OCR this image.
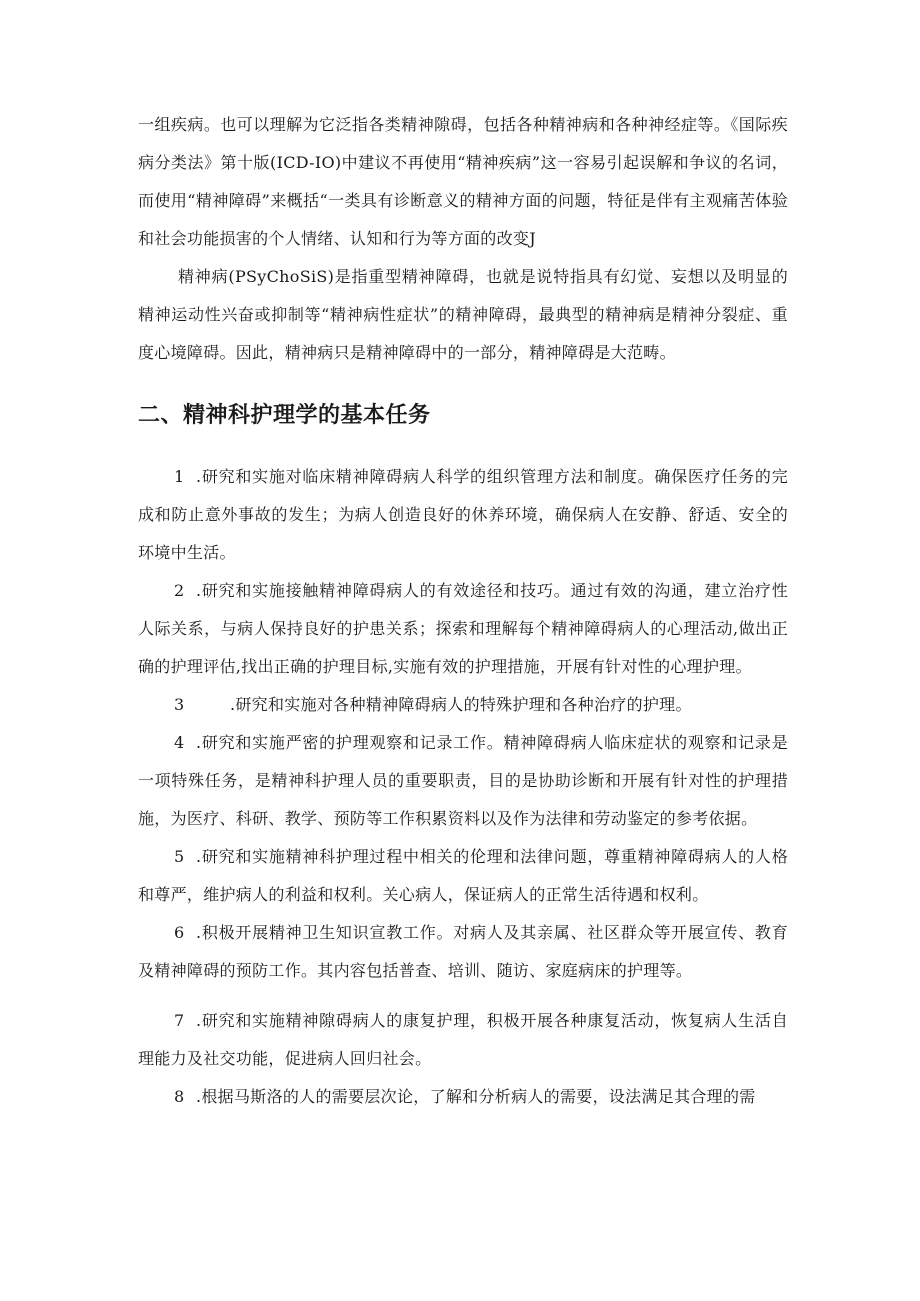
一组疾病。也可以理解为它泛指各类精神隙碍，包括各种精神病和各种神经症等。《国际疾病分类法》第十版(ICD-IO)中建议不再使用“精神疾病”这一容易引起误解和争议的名词，而使用“精神障碍”来概括“一类具有诊断意义的精神方面的问题，特征是伴有主观痛苦体验和社会功能损害的个人情绪、认知和行为等方面的改变J

精神病(PSyChoSiS)是指重型精神障碍，也就是说特指具有幻觉、妄想以及明显的精神运动性兴奋或抑制等“精神病性症状”的精神障碍，最典型的精神病是精神分裂症、重度心境障碍。因此，精神病只是精神障碍中的一部分，精神障碍是大范畴。

二、精神科护理学的基本任务

1 .研究和实施对临床精神障碍病人科学的组织管理方法和制度。确保医疗任务的完成和防止意外事故的发生；为病人创造良好的休养环境，确保病人在安静、舒适、安全的环境中生活。

2 .研究和实施接触精神障碍病人的有效途径和技巧。通过有效的沟通，建立治疗性人际关系，与病人保持良好的护患关系；探索和理解每个精神障碍病人的心理活动,做出正确的护理评估,找出正确的护理目标,实施有效的护理措施，开展有针对性的心理护理。

3	.研究和实施对各种精神障碍病人的特殊护理和各种治疗的护理。

4 .研究和实施严密的护理观察和记录工作。精神障碍病人临床症状的观察和记录是一项特殊任务，是精神科护理人员的重要职责，目的是协助诊断和开展有针对性的护理措施，为医疗、科研、教学、预防等工作积累资料以及作为法律和劳动鉴定的参考依据。

5 .研究和实施精神科护理过程中相关的伦理和法律问题，尊重精神障碍病人的人格和尊严，维护病人的利益和权利。关心病人，保证病人的正常生活待遇和权利。

6 .积极开展精神卫生知识宣教工作。对病人及其亲属、社区群众等开展宣传、教育及精神障碍的预防工作。其内容包括普查、培训、随访、家庭病床的护理等。

7 .研究和实施精神隙碍病人的康复护理，积极开展各种康复活动，恢复病人生活自理能力及社交功能，促进病人回归社会。

8 .根据马斯洛的人的需要层次论，了解和分析病人的需要，设法满足其合理的需
